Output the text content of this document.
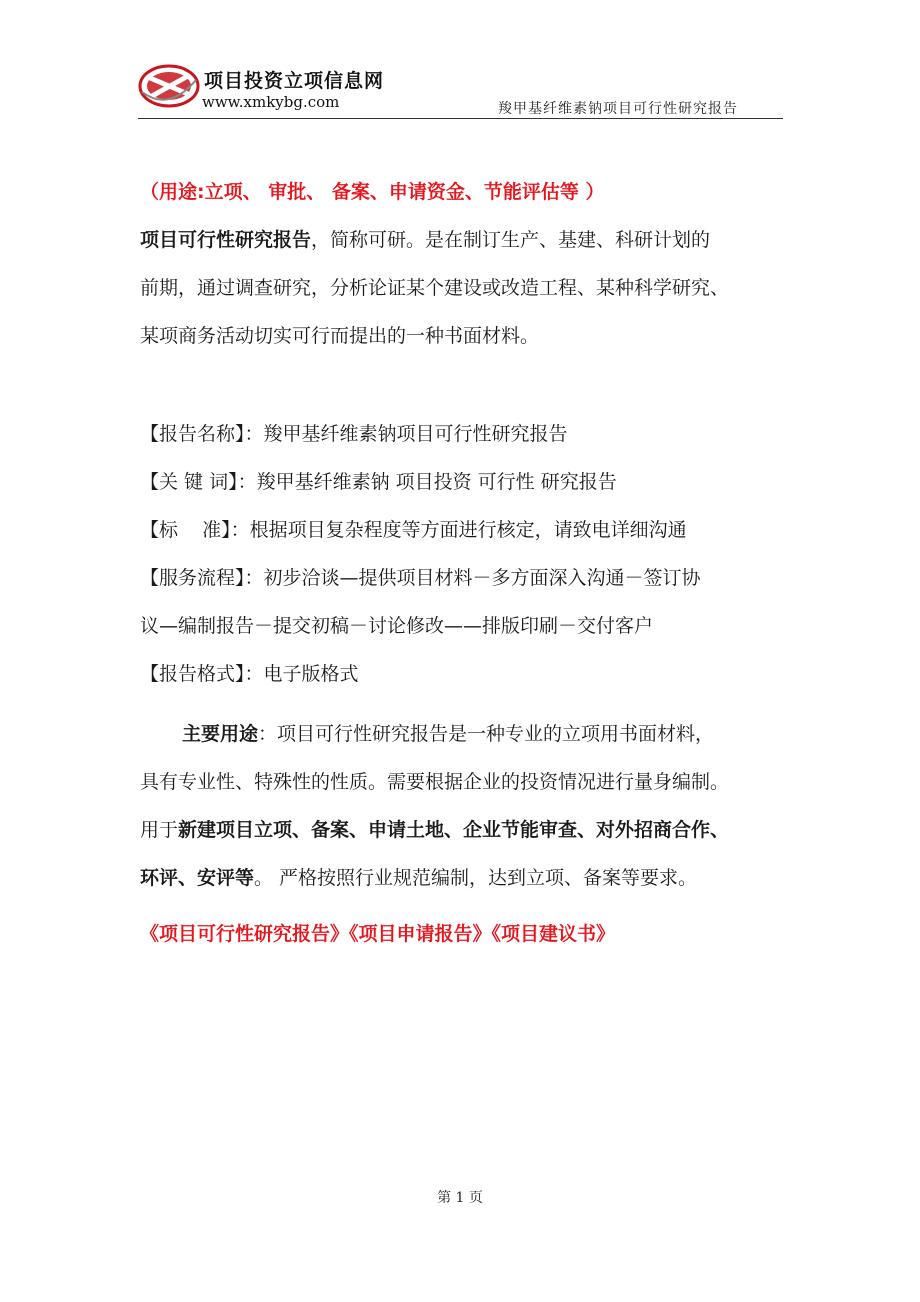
项目投资立项信息网
www.xmkybg.com	羧甲基纤维素钠项目可行性研究报告
（用途:立项、 审批、 备案、申请资金、节能评估等 ）
项目可行性研究报告，简称可研。是在制订生产、基建、科研计划的
前期，通过调查研究，分析论证某个建设或改造工程、某种科学研究、
某项商务活动切实可行而提出的一种书面材料。
【报告名称】：羧甲基纤维素钠项目可行性研究报告
【关 键 词】：羧甲基纤维素钠 项目投资 可行性 研究报告
【标    准】：根据项目复杂程度等方面进行核定，请致电详细沟通
【服务流程】：初步洽谈—提供项目材料－多方面深入沟通－签订协
议—编制报告－提交初稿－讨论修改——排版印刷－交付客户
【报告格式】：电子版格式
主要用途：项目可行性研究报告是一种专业的立项用书面材料，
具有专业性、特殊性的性质。需要根据企业的投资情况进行量身编制。
用于新建项目立项、备案、申请土地、企业节能审查、对外招商合作、
环评、安评等。 严格按照行业规范编制，达到立项、备案等要求。
《项目可行性研究报告》《项目申请报告》《项目建议书》
第 1 页
